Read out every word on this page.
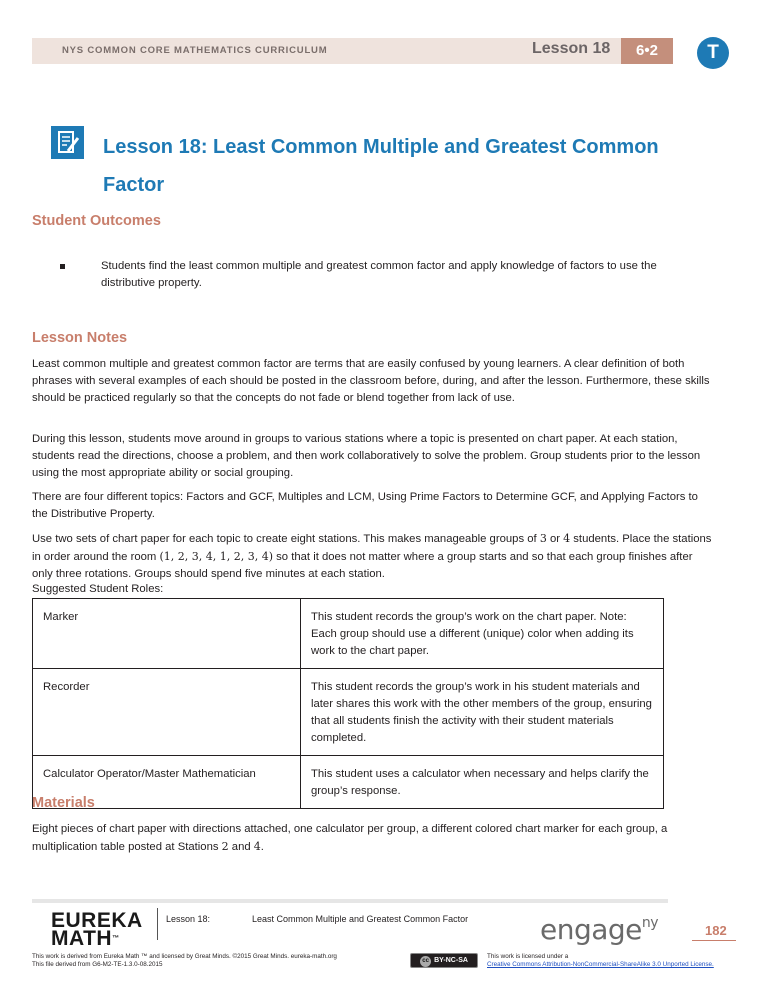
NYS COMMON CORE MATHEMATICS CURRICULUM	Lesson 18	6•2	T
Lesson 18: Least Common Multiple and Greatest Common Factor
Student Outcomes
Students find the least common multiple and greatest common factor and apply knowledge of factors to use the distributive property.
Lesson Notes

Least common multiple and greatest common factor are terms that are easily confused by young learners. A clear definition of both phrases with several examples of each should be posted in the classroom before, during, and after the lesson. Furthermore, these skills should be practiced regularly so that the concepts do not fade or blend together from lack of use.

During this lesson, students move around in groups to various stations where a topic is presented on chart paper. At each station, students read the directions, choose a problem, and then work collaboratively to solve the problem. Group students prior to the lesson using the most appropriate ability or social grouping.

There are four different topics: Factors and GCF, Multiples and LCM, Using Prime Factors to Determine GCF, and Applying Factors to the Distributive Property.

Use two sets of chart paper for each topic to create eight stations. This makes manageable groups of 3 or 4 students. Place the stations in order around the room (1, 2, 3, 4, 1, 2, 3, 4) so that it does not matter where a group starts and so that each group finishes after only three rotations. Groups should spend five minutes at each station.

Suggested Student Roles:

Marker	This student records the group’s work on the chart paper. Note: Each group should use a different (unique) color when adding its work to the chart paper.
Recorder	This student records the group’s work in his student materials and later shares this work with the other members of the group, ensuring that all students finish the activity with their student materials completed.
Calculator Operator/Master Mathematician	This student uses a calculator when necessary and helps clarify the group’s response.
Materials

Eight pieces of chart paper with directions attached, one calculator per group, a different colored chart marker for each group, a multiplication table posted at Stations 2 and 4.

EUREKA
MATH™
Lesson 18:	Least Common Multiple and Greatest Common Factor	engage$^{ny}$	182
This work is derived from Eureka Math ™ and licensed by Great Minds. ©2015 Great Minds. eureka-math.org
This file derived from G6-M2-TE-1.3.0-08.2015	cc BY-NC-SA
This work is licensed under a
Creative Commons Attribution-NonCommercial-ShareAlike 3.0 Unported License.
